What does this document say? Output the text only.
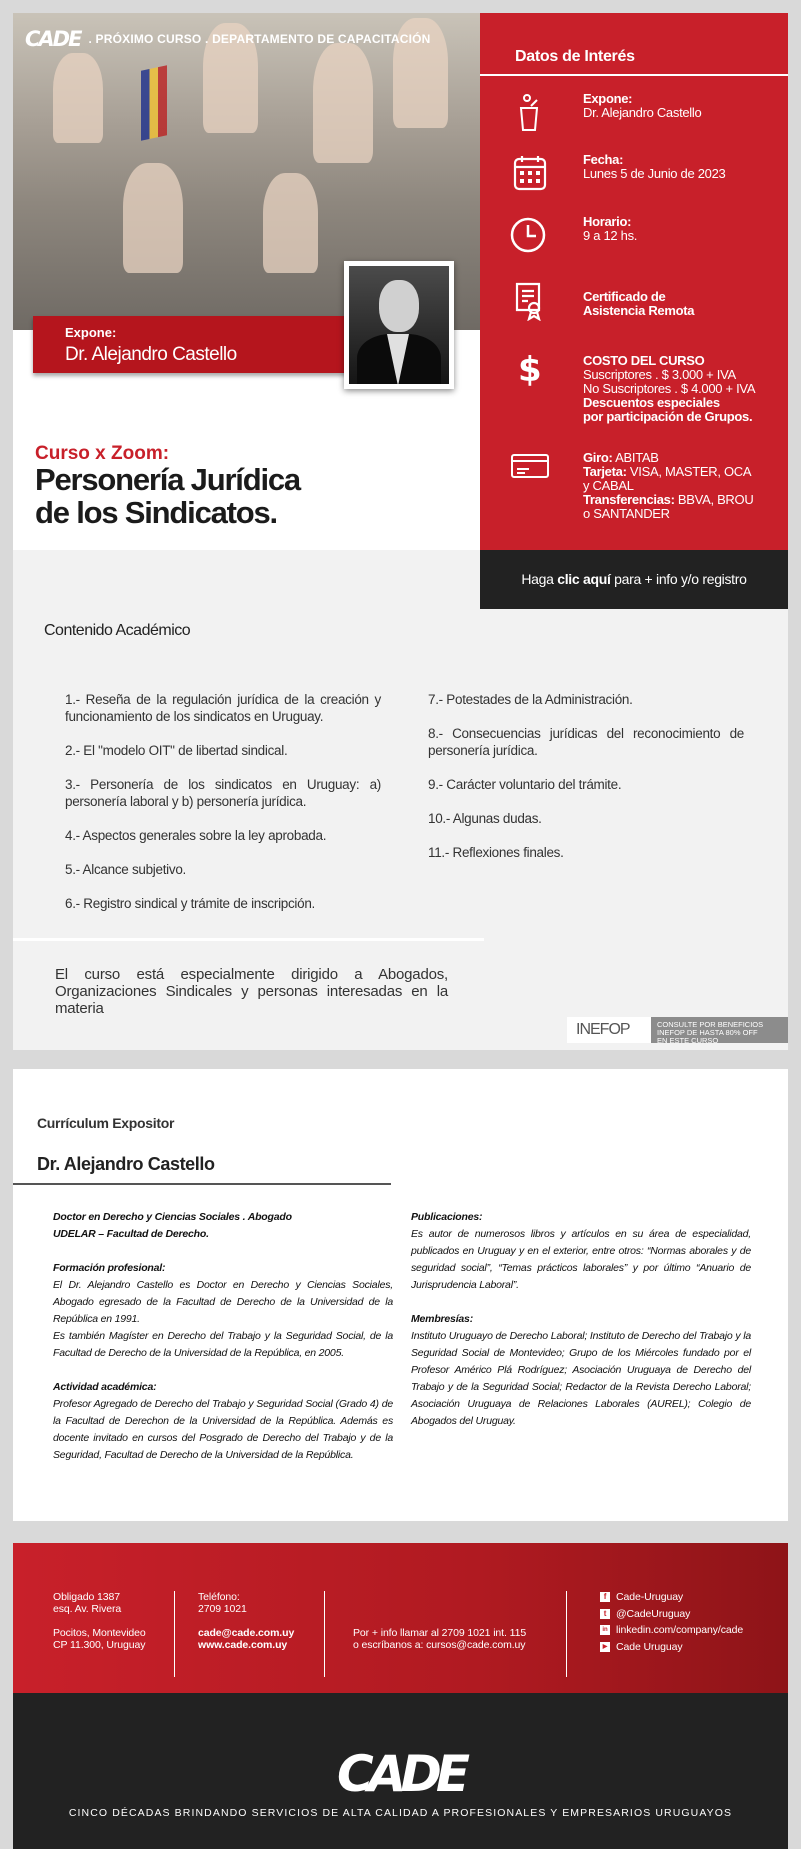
CADE . PRÓXIMO CURSO . DEPARTAMENTO DE CAPACITACIÓN
Expone:
Dr. Alejandro Castello
Curso x Zoom:
Personería Jurídica
de los Sindicatos.
Datos de Interés
Expone:
Dr. Alejandro Castello
Fecha:
Lunes 5 de Junio de 2023
Horario:
9 a 12 hs.
Certificado de
Asistencia Remota
$	COSTO DEL CURSO
Suscriptores . $ 3.000 + IVA
No Suscriptores . $ 4.000 + IVA
Descuentos especiales
por participación de Grupos.
Giro: ABITAB
Tarjeta: VISA, MASTER, OCA
y CABAL
Transferencias: BBVA, BROU
o SANTANDER
Contenido Académico

1.- Reseña de la regulación jurídica de la creación y funcionamiento de los sindicatos en Uruguay.

2.- El "modelo OIT" de libertad sindical.

3.- Personería de los sindicatos en Uruguay: a) personería laboral y b) personería jurídica.

4.- Aspectos generales sobre la ley aprobada.

5.- Alcance subjetivo.

6.- Registro sindical y trámite de inscripción.

7.- Potestades de la Administración.

8.- Consecuencias jurídicas del reconocimiento de personería jurídica.

9.- Carácter voluntario del trámite.

10.- Algunas dudas.

11.- Reflexiones finales.

El curso está especialmente dirigido a Abogados, Organizaciones Sindicales y personas interesadas en la materia
INEFOP	CONSULTE POR BENEFICIOS
INEFOP DE HASTA 80% OFF
EN ESTE CURSO
Haga clic aquí para + info y/o registro
Currículum Expositor
Dr. Alejandro Castello
Doctor en Derecho y Ciencias Sociales . Abogado
UDELAR – Facultad de Derecho.
Formación profesional:
El Dr. Alejandro Castello es Doctor en Derecho y Ciencias Sociales, Abogado egresado de la Facultad de Derecho de la Universidad de la República en 1991.
Es también Magíster en Derecho del Trabajo y la Seguridad Social, de la Facultad de Derecho de la Universidad de la República, en 2005.
Actividad académica:
Profesor Agregado de Derecho del Trabajo y Seguridad Social (Grado 4) de la Facultad de Derechon de la Universidad de la República. Además es docente invitado en cursos del Posgrado de Derecho del Trabajo y de la Seguridad, Facultad de Derecho de la Universidad de la República.
Publicaciones:
Es autor de numerosos libros y artículos en su área de especialidad, publicados en Uruguay y en el exterior, entre otros: “Normas aborales y de seguridad social”, “Temas prácticos laborales” y por último “Anuario de Jurisprudencia Laboral”.
Membresías:
Instituto Uruguayo de Derecho Laboral; Instituto de Derecho del Trabajo y la Seguridad Social de Montevideo; Grupo de los Miércoles fundado por el Profesor Américo Plá Rodríguez; Asociación Uruguaya de Derecho del Trabajo y de la Seguridad Social; Redactor de la Revista Derecho Laboral; Asociación Uruguaya de Relaciones Laborales (AUREL); Colegio de Abogados del Uruguay.
Obligado 1387
esq. Av. Rivera
Pocitos, Montevideo
CP 11.300, Uruguay
Teléfono:
2709 1021
cade@cade.com.uy
www.cade.com.uy
Por + info llamar al 2709 1021 int. 115
o escríbanos a: cursos@cade.com.uy
f Cade-Uruguay
t @CadeUruguay
in linkedin.com/company/cade
▶ Cade Uruguay
CADE
CINCO DÉCADAS BRINDANDO SERVICIOS DE ALTA CALIDAD A PROFESIONALES Y EMPRESARIOS URUGUAYOS
